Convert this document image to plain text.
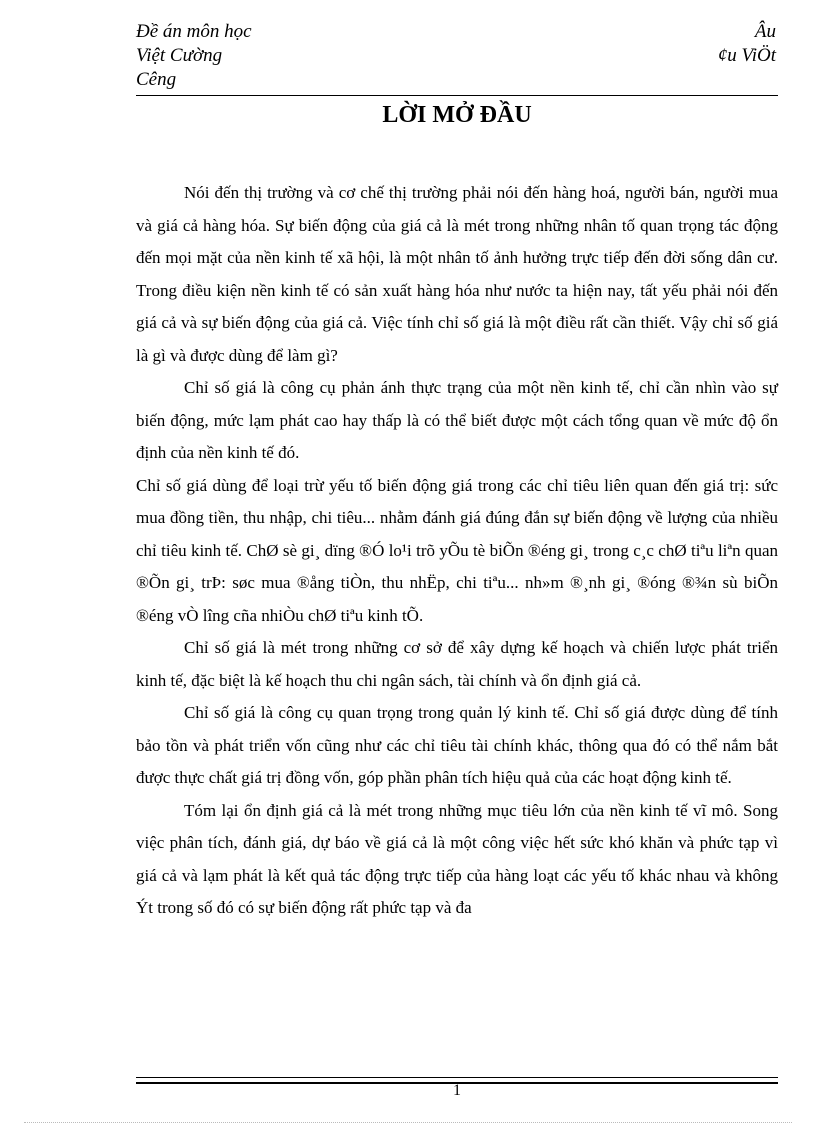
Đề án môn học
Việt Cường
Cêng
Âu
¢u ViÖt
LỜI MỞ ĐẦU

Nói đến thị trường và cơ chế thị trường phải nói đến hàng hoá, người bán, người mua và giá cả hàng hóa. Sự biến động của giá cả là mét trong những nhân tố quan trọng tác động đến mọi mặt của nền kinh tế xã hội, là một nhân tố ảnh hưởng trực tiếp đến đời sống dân cư. Trong điều kiện nền kinh tế có sản xuất hàng hóa như nước ta hiện nay, tất yếu phải nói đến giá cả và sự biến động của giá cả. Việc tính chỉ số giá là một điều rất cần thiết. Vậy chỉ số giá là gì và được dùng để làm gì?

Chỉ số giá là công cụ phản ánh thực trạng của một nền kinh tế, chỉ cần nhìn vào sự biến động, mức lạm phát cao hay thấp là có thể biết được một cách tổng quan về mức độ ổn định của nền kinh tế đó.

Chỉ số giá dùng để loại trừ yếu tố biến động giá trong các chỉ tiêu liên quan đến giá trị: sức mua đồng tiền, thu nhập, chi tiêu... nhằm đánh giá đúng đắn sự biến động về lượng của nhiều chỉ tiêu kinh tế. ChØ sè gi¸ dïng ®Ó lo¹i trõ yÕu tè biÕn ®éng gi¸ trong c¸c chØ tiªu liªn quan ®Õn gi¸ trÞ: søc mua ®ång tiÒn, thu nhËp, chi tiªu... nh»m ®¸nh gi¸ ®óng ®¾n sù biÕn ®éng vÒ lîng cña nhiÒu chØ tiªu kinh tÕ.

Chỉ số giá là mét trong những cơ sở để xây dựng kế hoạch và chiến lược phát triển kinh tế, đặc biệt là kế hoạch thu chi ngân sách, tài chính và ổn định giá cả.

Chỉ số giá là công cụ quan trọng trong quản lý kinh tế. Chỉ số giá được dùng để tính bảo tồn và phát triển vốn cũng như các chỉ tiêu tài chính khác, thông qua đó có thể nắm bắt được thực chất giá trị đồng vốn, góp phần phân tích hiệu quả của các hoạt động kinh tế.

Tóm lại ổn định giá cả là mét trong những mục tiêu lớn của nền kinh tế vĩ mô. Song việc phân tích, đánh giá, dự báo về giá cả là một công việc hết sức khó khăn và phức tạp vì giá cả và lạm phát là kết quả tác động trực tiếp của hàng loạt các yếu tố khác nhau và không Ýt trong số đó có sự biến động rất phức tạp và đa

1
